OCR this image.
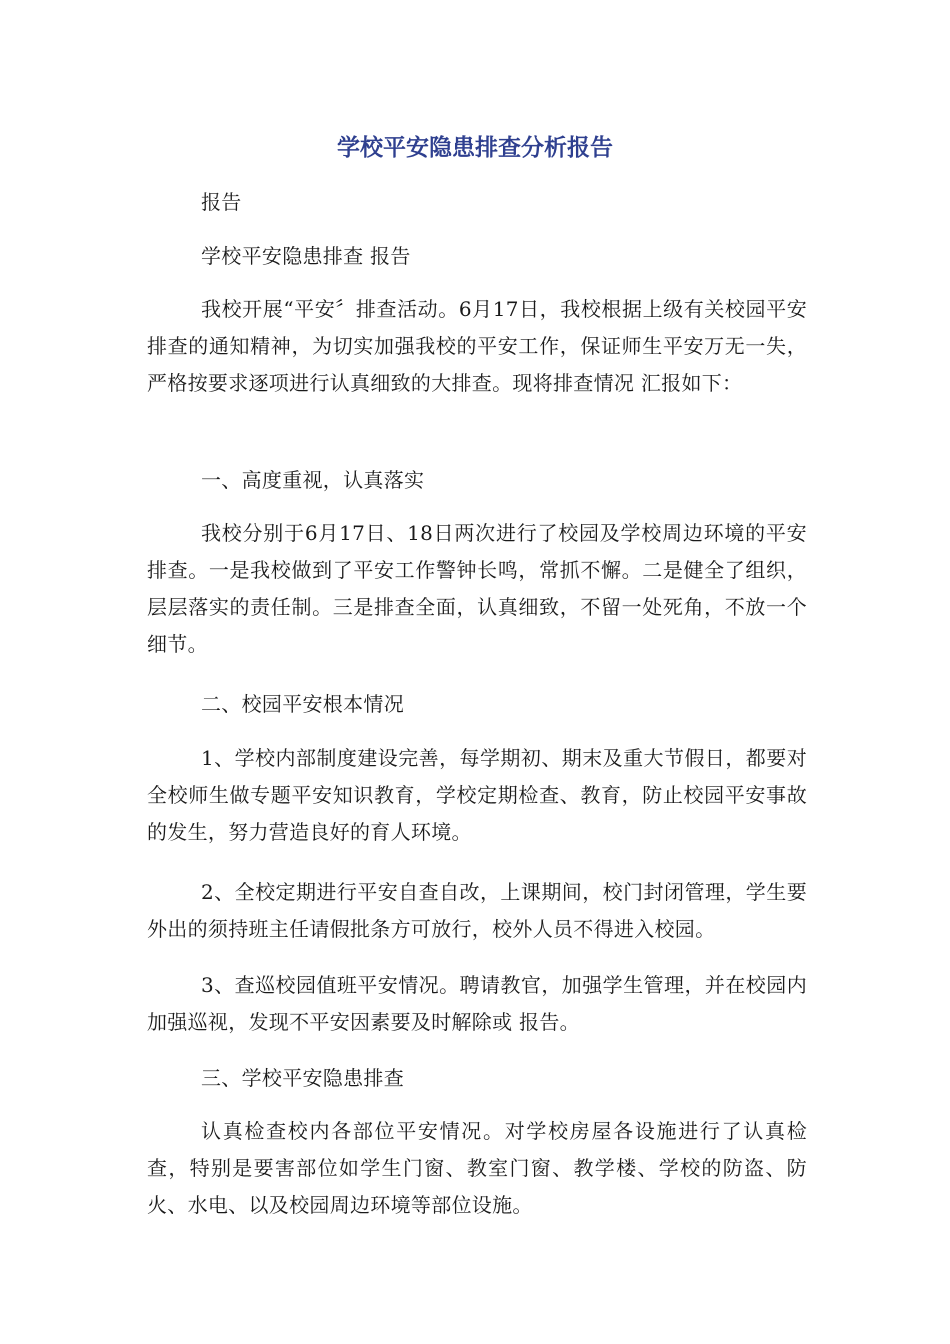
学校平安隐患排查分析报告

报告

学校平安隐患排查 报告

我校开展“平安〞排查活动。6月17日，我校根据上级有关校园平安排查的通知精神，为切实加强我校的平安工作，保证师生平安万无一失，严格按要求逐项进行认真细致的大排查。现将排查情况 汇报如下：

一、高度重视，认真落实

我校分别于6月17日、18日两次进行了校园及学校周边环境的平安排查。一是我校做到了平安工作警钟长鸣，常抓不懈。二是健全了组织，层层落实的责任制。三是排查全面，认真细致，不留一处死角，不放一个细节。

二、校园平安根本情况

1、学校内部制度建设完善，每学期初、期末及重大节假日，都要对全校师生做专题平安知识教育，学校定期检查、教育，防止校园平安事故的发生，努力营造良好的育人环境。

2、全校定期进行平安自查自改，上课期间，校门封闭管理，学生要外出的须持班主任请假批条方可放行，校外人员不得进入校园。

3、查巡校园值班平安情况。聘请教官，加强学生管理，并在校园内加强巡视，发现不平安因素要及时解除或 报告。

三、学校平安隐患排查

认真检查校内各部位平安情况。对学校房屋各设施进行了认真检查，特别是要害部位如学生门窗、教室门窗、教学楼、学校的防盗、防火、水电、以及校园周边环境等部位设施。
